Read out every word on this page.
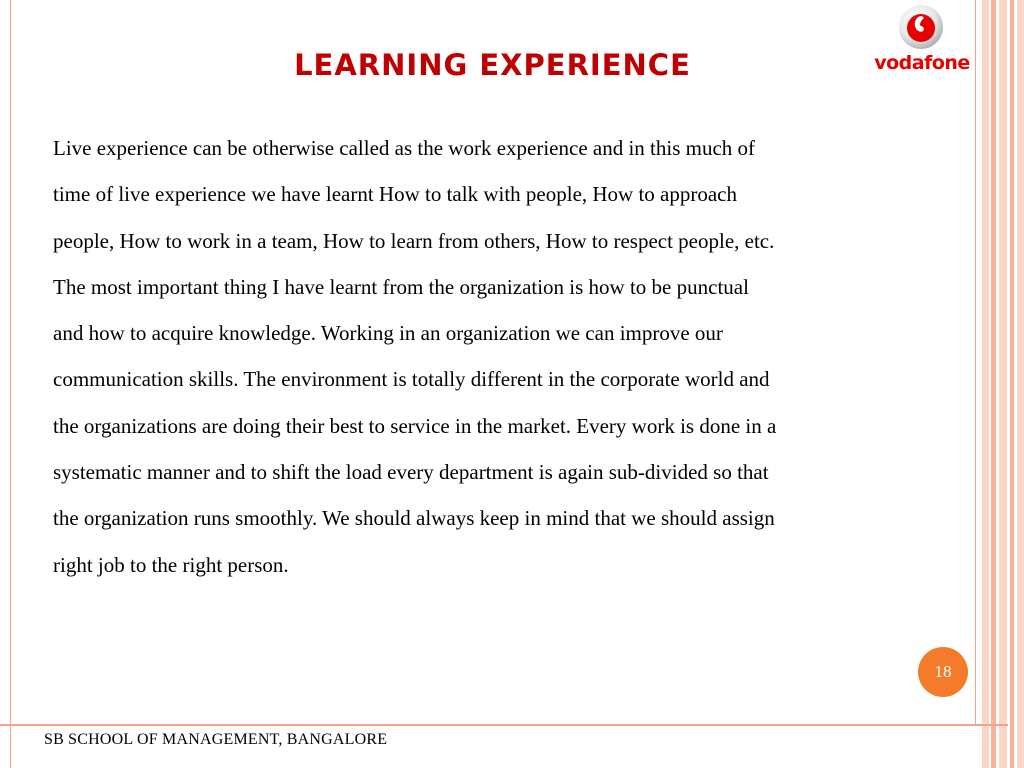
LEARNING EXPERIENCE	vodafone
Live experience can be otherwise called as the work experience and in this much of
time of live experience we have learnt How to talk with people, How to approach
people, How to work in a team, How to learn from others, How to respect people, etc.
The most important thing I have learnt from the organization is how to be punctual
and how to acquire knowledge. Working in an organization we can improve our
communication skills. The environment is totally different in the corporate world and
the organizations are doing their best to service in the market. Every work is done in a
systematic manner and to shift the load every department is again sub-divided so that
the organization runs smoothly. We should always keep in mind that we should assign
right job to the right person.
18
SB SCHOOL OF MANAGEMENT, BANGALORE
